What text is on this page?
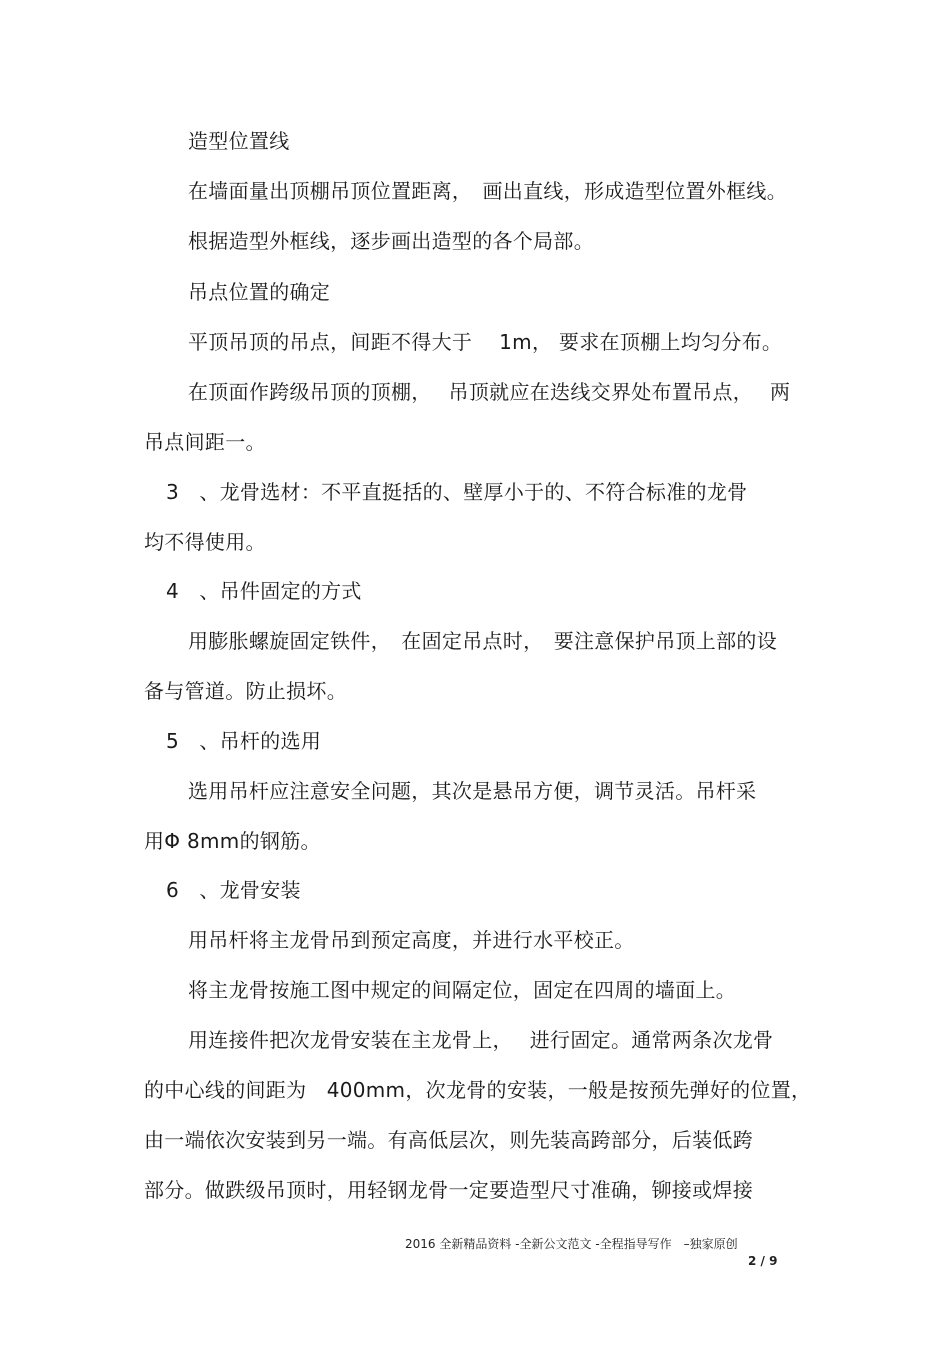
造型位置线
在墙面量出顶棚吊顶位置距离，　画出直线，形成造型位置外框线。
根据造型外框线，逐步画出造型的各个局部。
吊点位置的确定
平顶吊顶的吊点，间距不得大于　 1m， 要求在顶棚上均匀分布。
在顶面作跨级吊顶的顶棚，　 吊顶就应在迭线交界处布置吊点，　 两
吊点间距一。
3　、龙骨选材：不平直挺括的、壁厚小于的、不符合标准的龙骨
均不得使用。
4　、吊件固定的方式
用膨胀螺旋固定铁件，　在固定吊点时，　要注意保护吊顶上部的设
备与管道。防止损坏。
5　、吊杆的选用
选用吊杆应注意安全问题，其次是悬吊方便，调节灵活。吊杆采
用Φ 8mm的钢筋。
6　、龙骨安装
用吊杆将主龙骨吊到预定高度，并进行水平校正。
将主龙骨按施工图中规定的间隔定位，固定在四周的墙面上。
用连接件把次龙骨安装在主龙骨上，　 进行固定。通常两条次龙骨
的中心线的间距为　400mm，次龙骨的安装，一般是按预先弹好的位置，
由一端依次安装到另一端。有高低层次，则先装高跨部分，后装低跨
部分。做跌级吊顶时，用轻钢龙骨一定要造型尺寸准确，铆接或焊接
2016 全新精品资料 -全新公文范文 -全程指导写作　–独家原创
2 / 9
